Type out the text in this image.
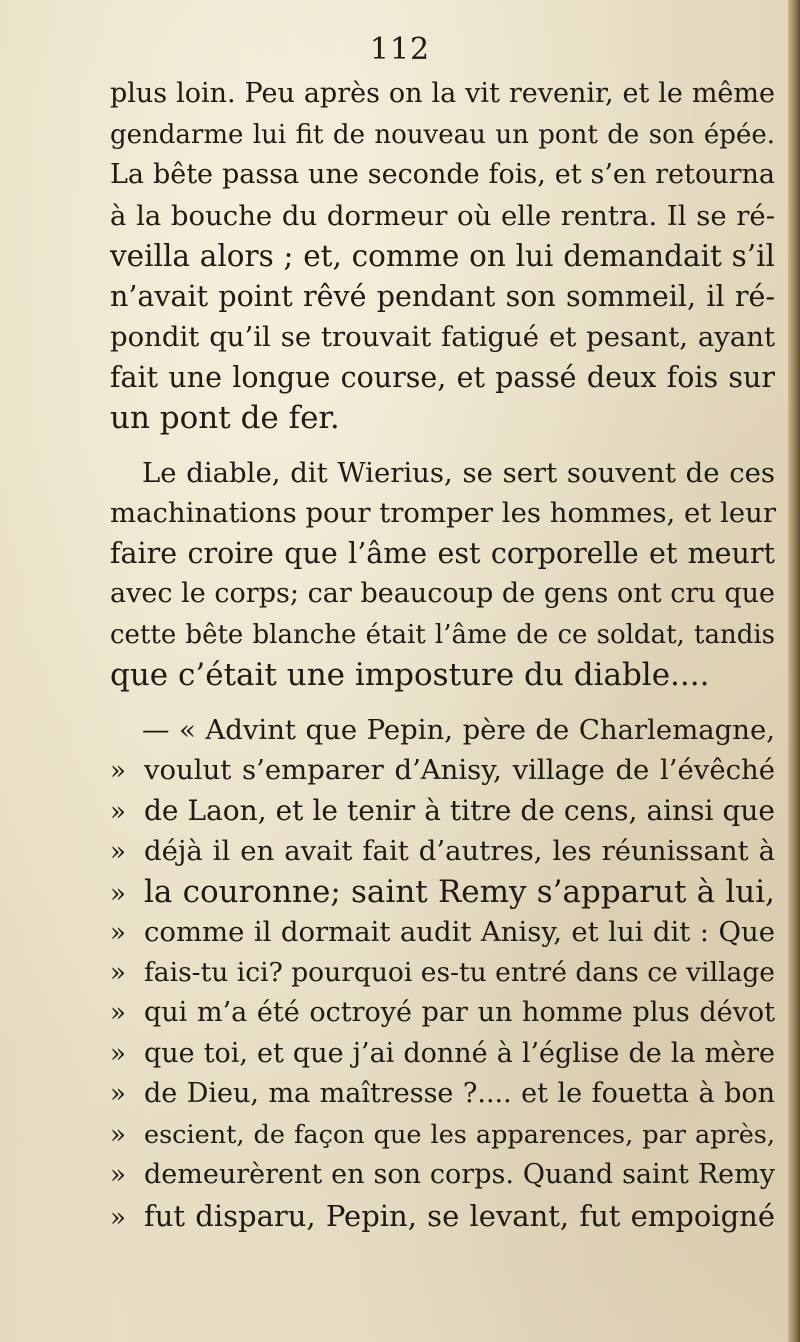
112
plus loin. Peu après on la vit revenir, et le même
gendarme lui fit de nouveau un pont de son épée.
La bête passa une seconde fois, et s’en retourna
à la bouche du dormeur où elle rentra. Il se ré-
veilla alors ; et, comme on lui demandait s’il
n’avait point rêvé pendant son sommeil, il ré-
pondit qu’il se trouvait fatigué et pesant, ayant
fait une longue course, et passé deux fois sur
un pont de fer.
Le diable, dit Wierius, se sert souvent de ces
machinations pour tromper les hommes, et leur
faire croire que l’âme est corporelle et meurt
avec le corps; car beaucoup de gens ont cru que
cette bête blanche était l’âme de ce soldat, tandis
que c’était une imposture du diable....
— « Advint que Pepin, père de Charlemagne,
» voulut s’emparer d’Anisy, village de l’évêché
» de Laon, et le tenir à titre de cens, ainsi que
» déjà il en avait fait d’autres, les réunissant à
» la couronne; saint Remy s’apparut à lui,
» comme il dormait audit Anisy, et lui dit : Que
» fais-tu ici? pourquoi es-tu entré dans ce village
» qui m’a été octroyé par un homme plus dévot
» que toi, et que j’ai donné à l’église de la mère
» de Dieu, ma maîtresse ?.... et le fouetta à bon
» escient, de façon que les apparences, par après,
» demeurèrent en son corps. Quand saint Remy
» fut disparu, Pepin, se levant, fut empoigné
